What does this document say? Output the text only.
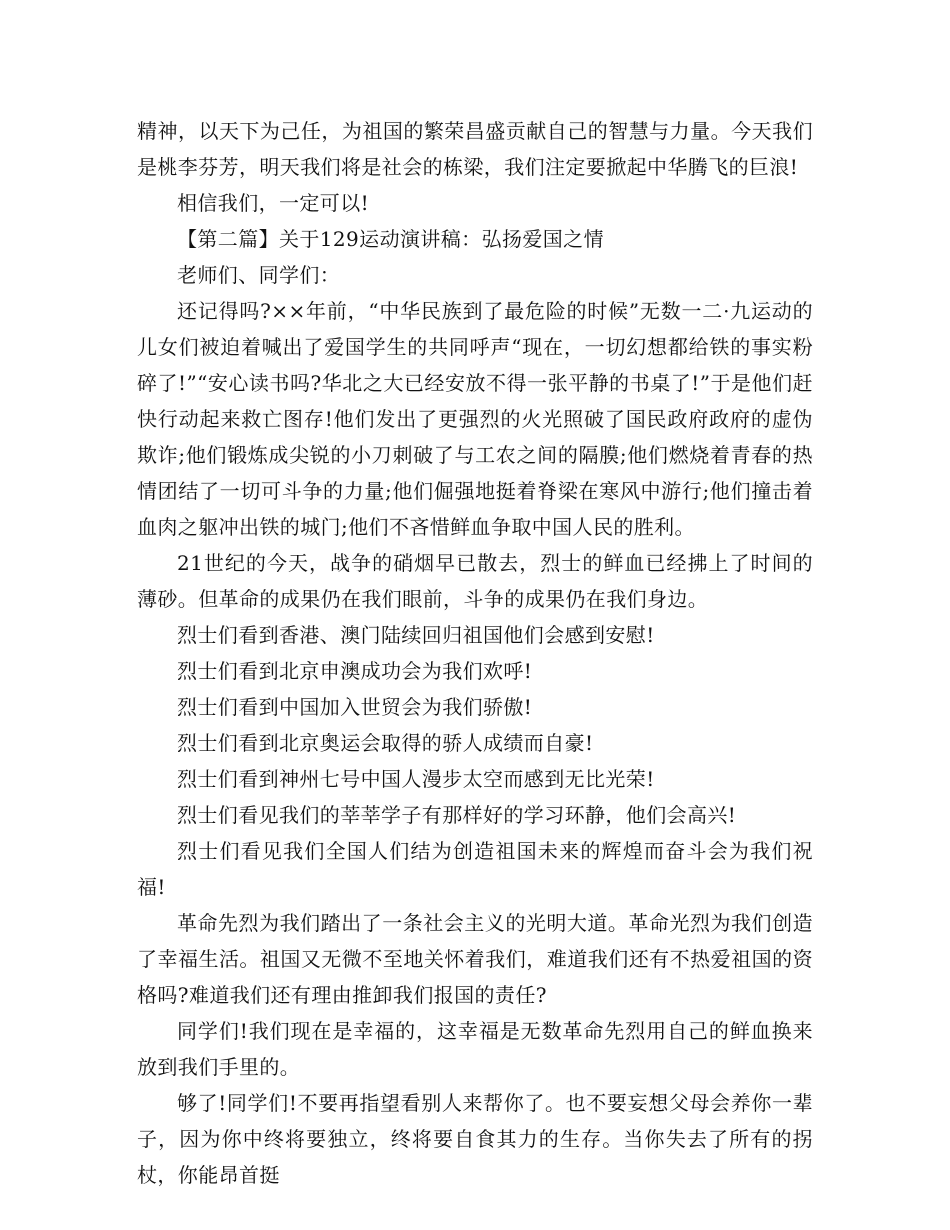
精神，以天下为己任，为祖国的繁荣昌盛贡献自己的智慧与力量。今天我们是桃李芬芳，明天我们将是社会的栋梁，我们注定要掀起中华腾飞的巨浪!

相信我们，一定可以!

【第二篇】关于129运动演讲稿：弘扬爱国之情

老师们、同学们：

还记得吗?××年前，“中华民族到了最危险的时候”无数一二·九运动的儿女们被迫着喊出了爱国学生的共同呼声“现在，一切幻想都给铁的事实粉碎了!”“安心读书吗?华北之大已经安放不得一张平静的书桌了!”于是他们赶快行动起来救亡图存!他们发出了更强烈的火光照破了国民政府政府的虚伪欺诈;他们锻炼成尖锐的小刀刺破了与工农之间的隔膜;他们燃烧着青春的热情团结了一切可斗争的力量;他们倔强地挺着脊梁在寒风中游行;他们撞击着血肉之躯冲出铁的城门;他们不吝惜鲜血争取中国人民的胜利。

21世纪的今天，战争的硝烟早已散去，烈士的鲜血已经拂上了时间的薄砂。但革命的成果仍在我们眼前，斗争的成果仍在我们身边。

烈士们看到香港、澳门陆续回归祖国他们会感到安慰!

烈士们看到北京申澳成功会为我们欢呼!

烈士们看到中国加入世贸会为我们骄傲!

烈士们看到北京奥运会取得的骄人成绩而自豪!

烈士们看到神州七号中国人漫步太空而感到无比光荣!

烈士们看见我们的莘莘学子有那样好的学习环静，他们会高兴!

烈士们看见我们全国人们结为创造祖国未来的辉煌而奋斗会为我们祝福!

革命先烈为我们踏出了一条社会主义的光明大道。革命光烈为我们创造了幸福生活。祖国又无微不至地关怀着我们，难道我们还有不热爱祖国的资格吗?难道我们还有理由推卸我们报国的责任?

同学们!我们现在是幸福的，这幸福是无数革命先烈用自己的鲜血换来放到我们手里的。

够了!同学们!不要再指望看别人来帮你了。也不要妄想父母会养你一辈子，因为你中终将要独立，终将要自食其力的生存。当你失去了所有的拐杖，你能昂首挺
